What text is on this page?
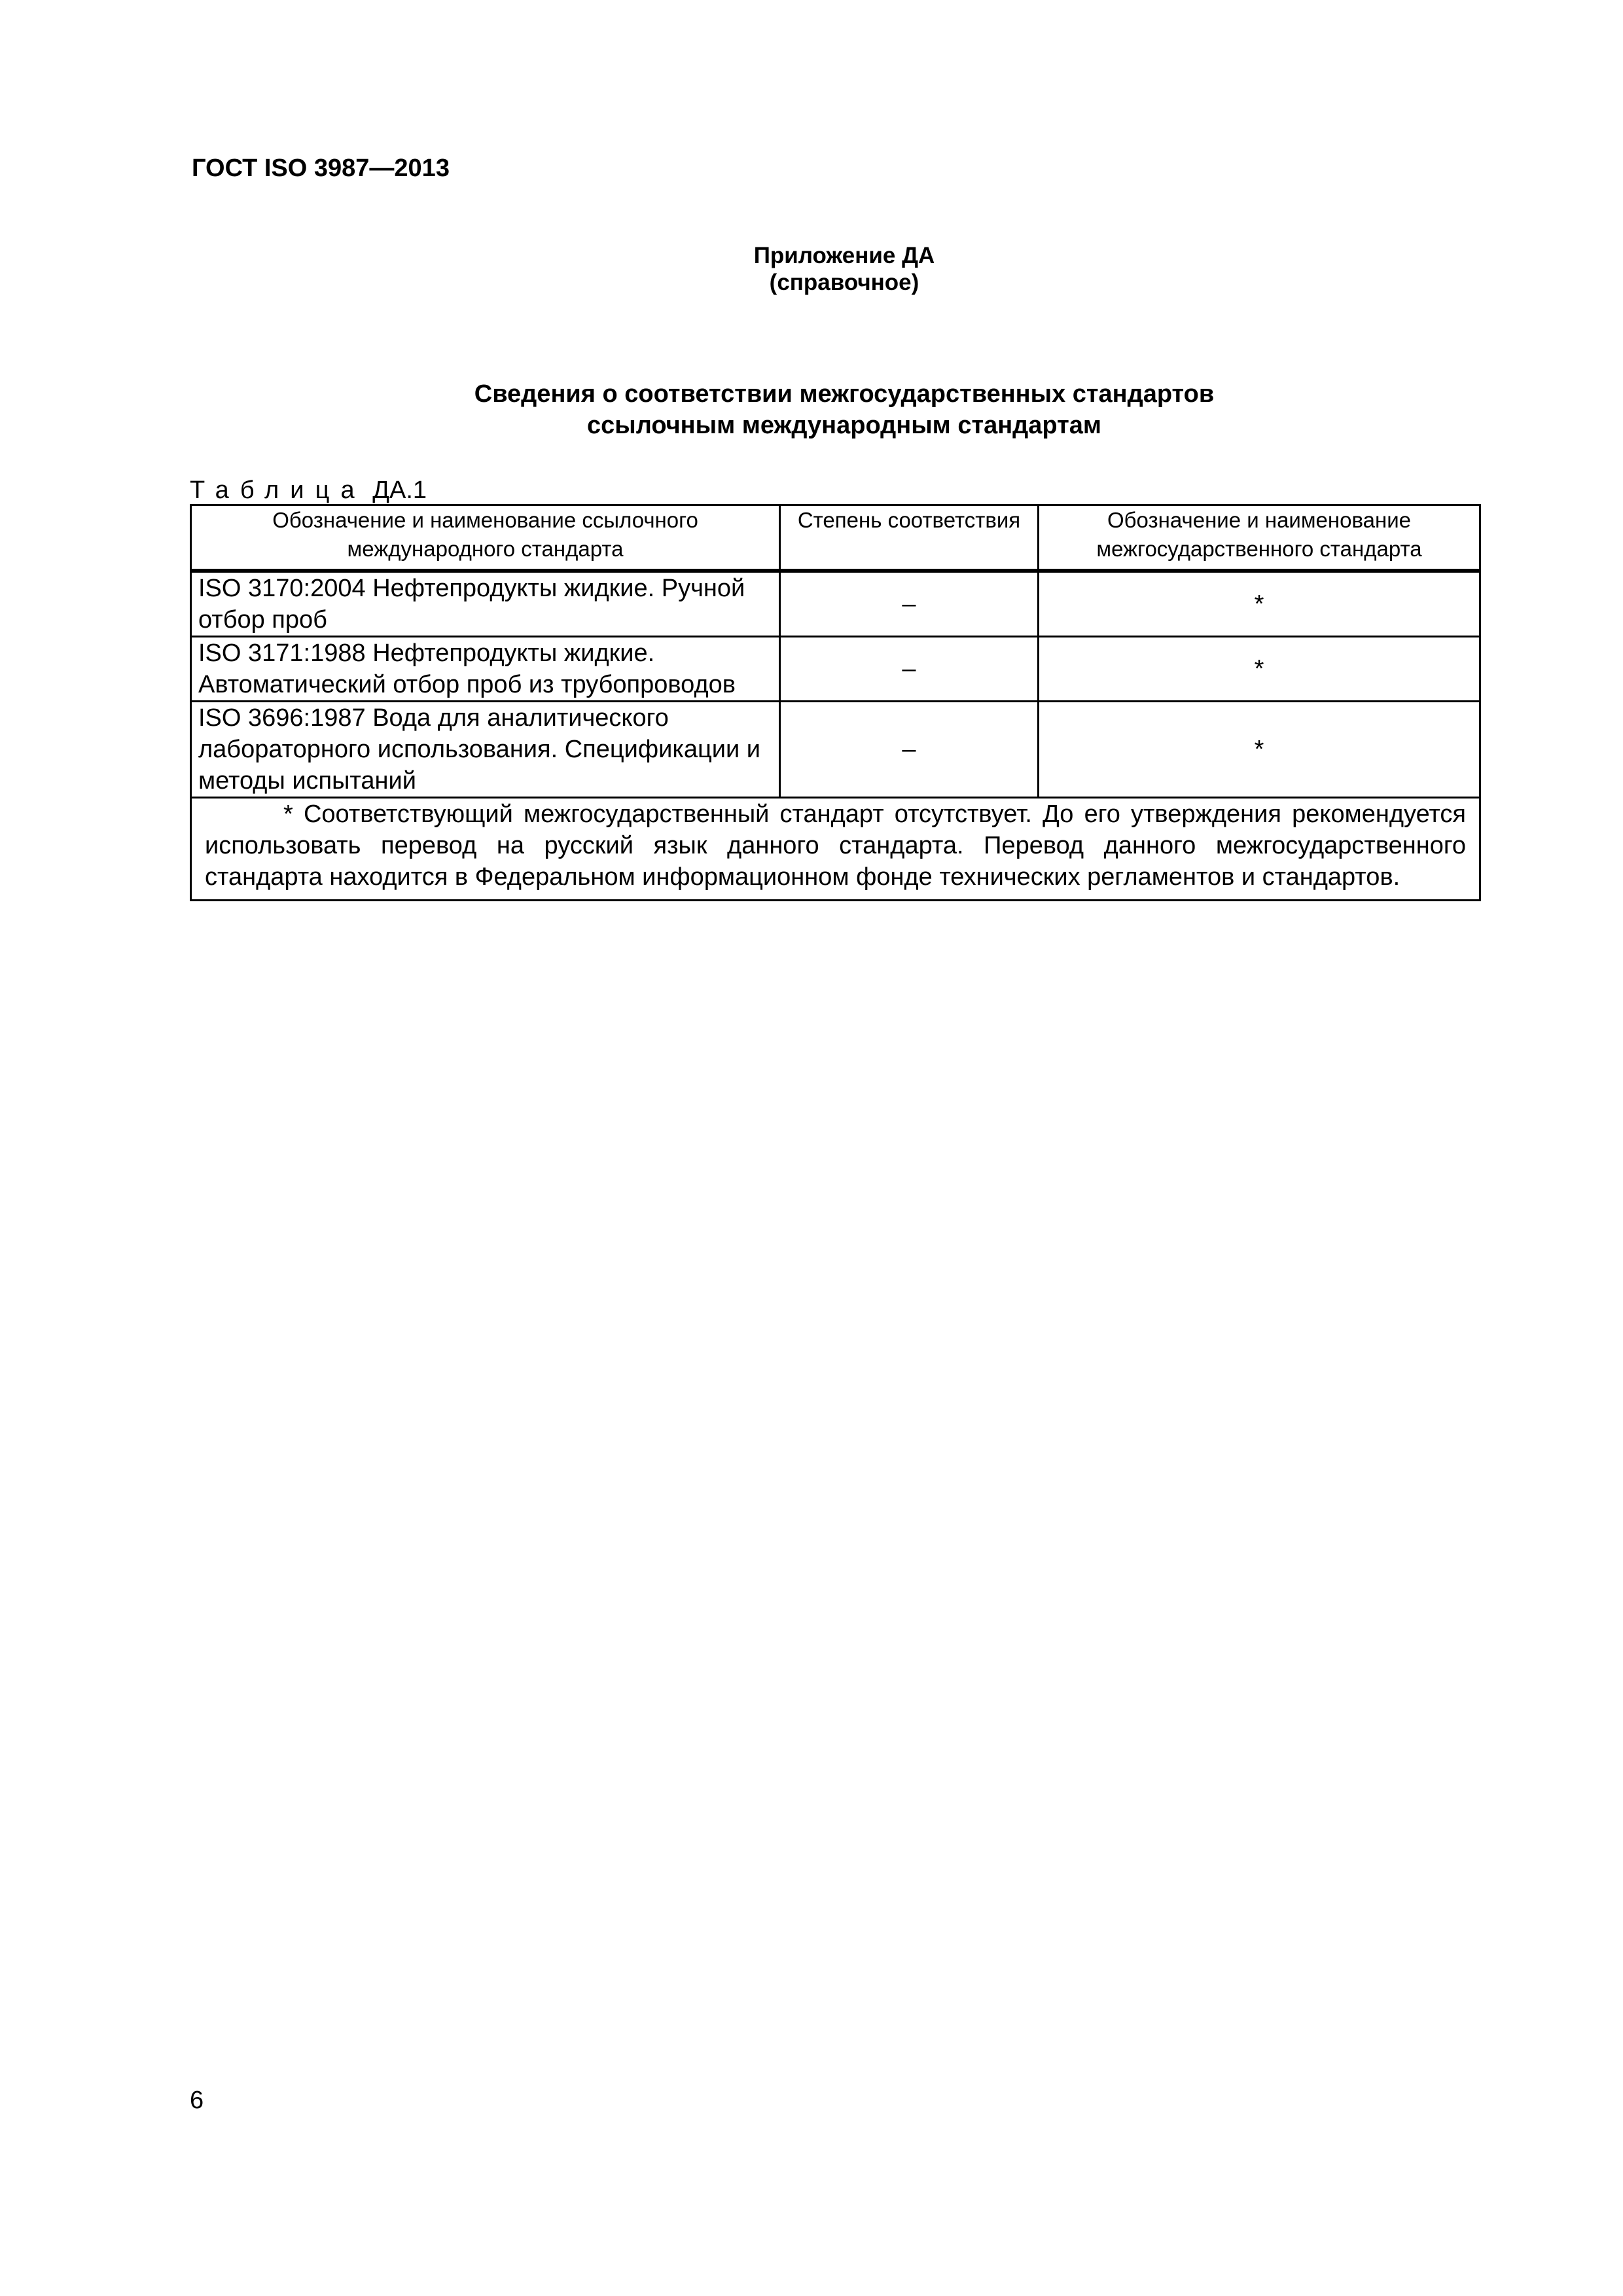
ГОСТ ISO 3987—2013
Приложение ДА
(справочное)
Сведения о соответствии межгосударственных стандартов
ссылочным международным стандартам
Таблица ДА.1
Обозначение и наименование ссылочного международного стандарта	Степень соответствия	Обозначение и наименование межгосударственного стандарта
ISO 3170:2004 Нефтепродукты жидкие. Ручной отбор проб	–	*
ISO 3171:1988 Нефтепродукты жидкие. Автоматический отбор проб из трубопроводов	–	*
ISO 3696:1987 Вода для аналитического лабораторного использования. Спецификации и методы испытаний	–	*
* Соответствующий межгосударственный стандарт отсутствует. До его утверждения рекомендуется использовать перевод на русский язык данного стандарта. Перевод данного межгосударственного стандарта находится в Федеральном информационном фонде технических регламентов и стандартов.		
6
